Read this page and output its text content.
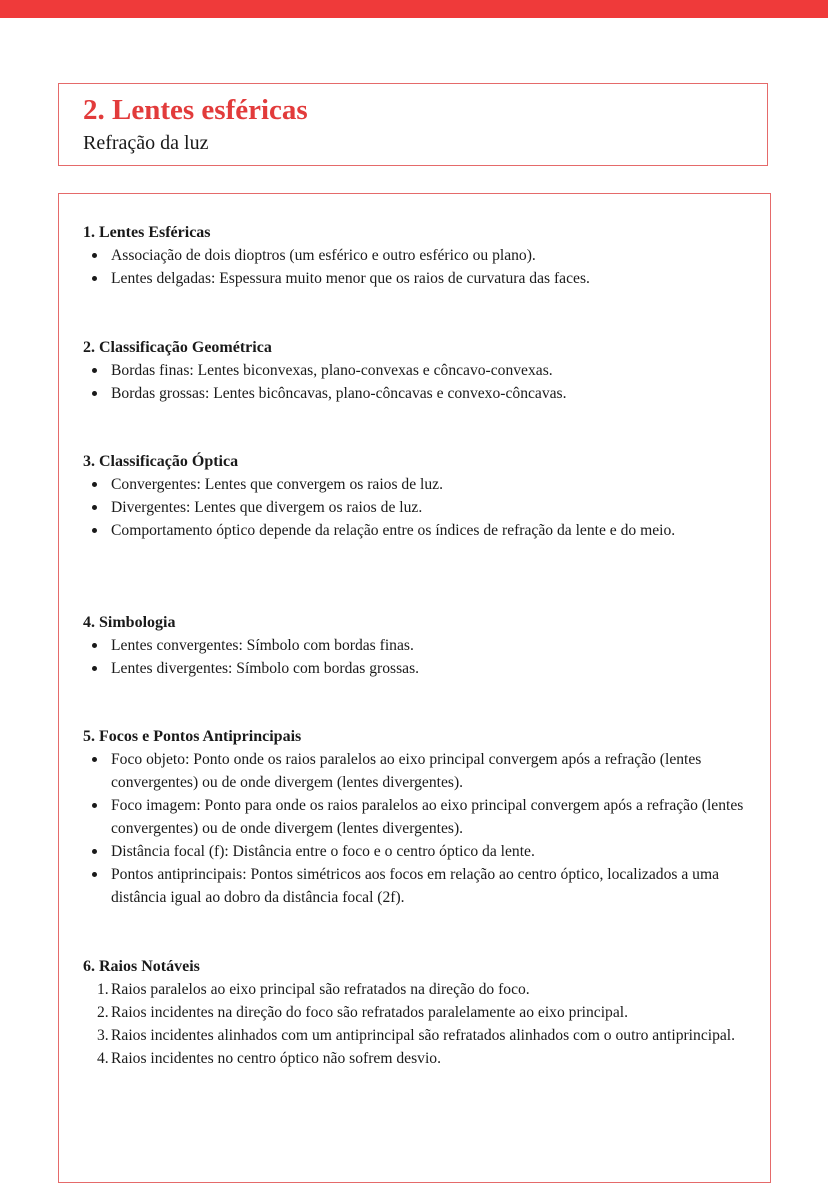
2. Lentes esféricas

Refração da luz

1. Lentes Esféricas
Associação de dois dioptros (um esférico e outro esférico ou plano).
Lentes delgadas: Espessura muito menor que os raios de curvatura das faces.
2. Classificação Geométrica
Bordas finas: Lentes biconvexas, plano-convexas e côncavo-convexas.
Bordas grossas: Lentes bicôncavas, plano-côncavas e convexo-côncavas.
3. Classificação Óptica
Convergentes: Lentes que convergem os raios de luz.
Divergentes: Lentes que divergem os raios de luz.
Comportamento óptico depende da relação entre os índices de refração da lente e do meio.
4. Simbologia
Lentes convergentes: Símbolo com bordas finas.
Lentes divergentes: Símbolo com bordas grossas.
5. Focos e Pontos Antiprincipais
Foco objeto: Ponto onde os raios paralelos ao eixo principal convergem após a refração (lentes convergentes) ou de onde divergem (lentes divergentes).
Foco imagem: Ponto para onde os raios paralelos ao eixo principal convergem após a refração (lentes convergentes) ou de onde divergem (lentes divergentes).
Distância focal (f): Distância entre o foco e o centro óptico da lente.
Pontos antiprincipais: Pontos simétricos aos focos em relação ao centro óptico, localizados a uma distância igual ao dobro da distância focal (2f).
6. Raios Notáveis
1. Raios paralelos ao eixo principal são refratados na direção do foco.
2. Raios incidentes na direção do foco são refratados paralelamente ao eixo principal.
3. Raios incidentes alinhados com um antiprincipal são refratados alinhados com o outro antiprincipal.
4. Raios incidentes no centro óptico não sofrem desvio.
